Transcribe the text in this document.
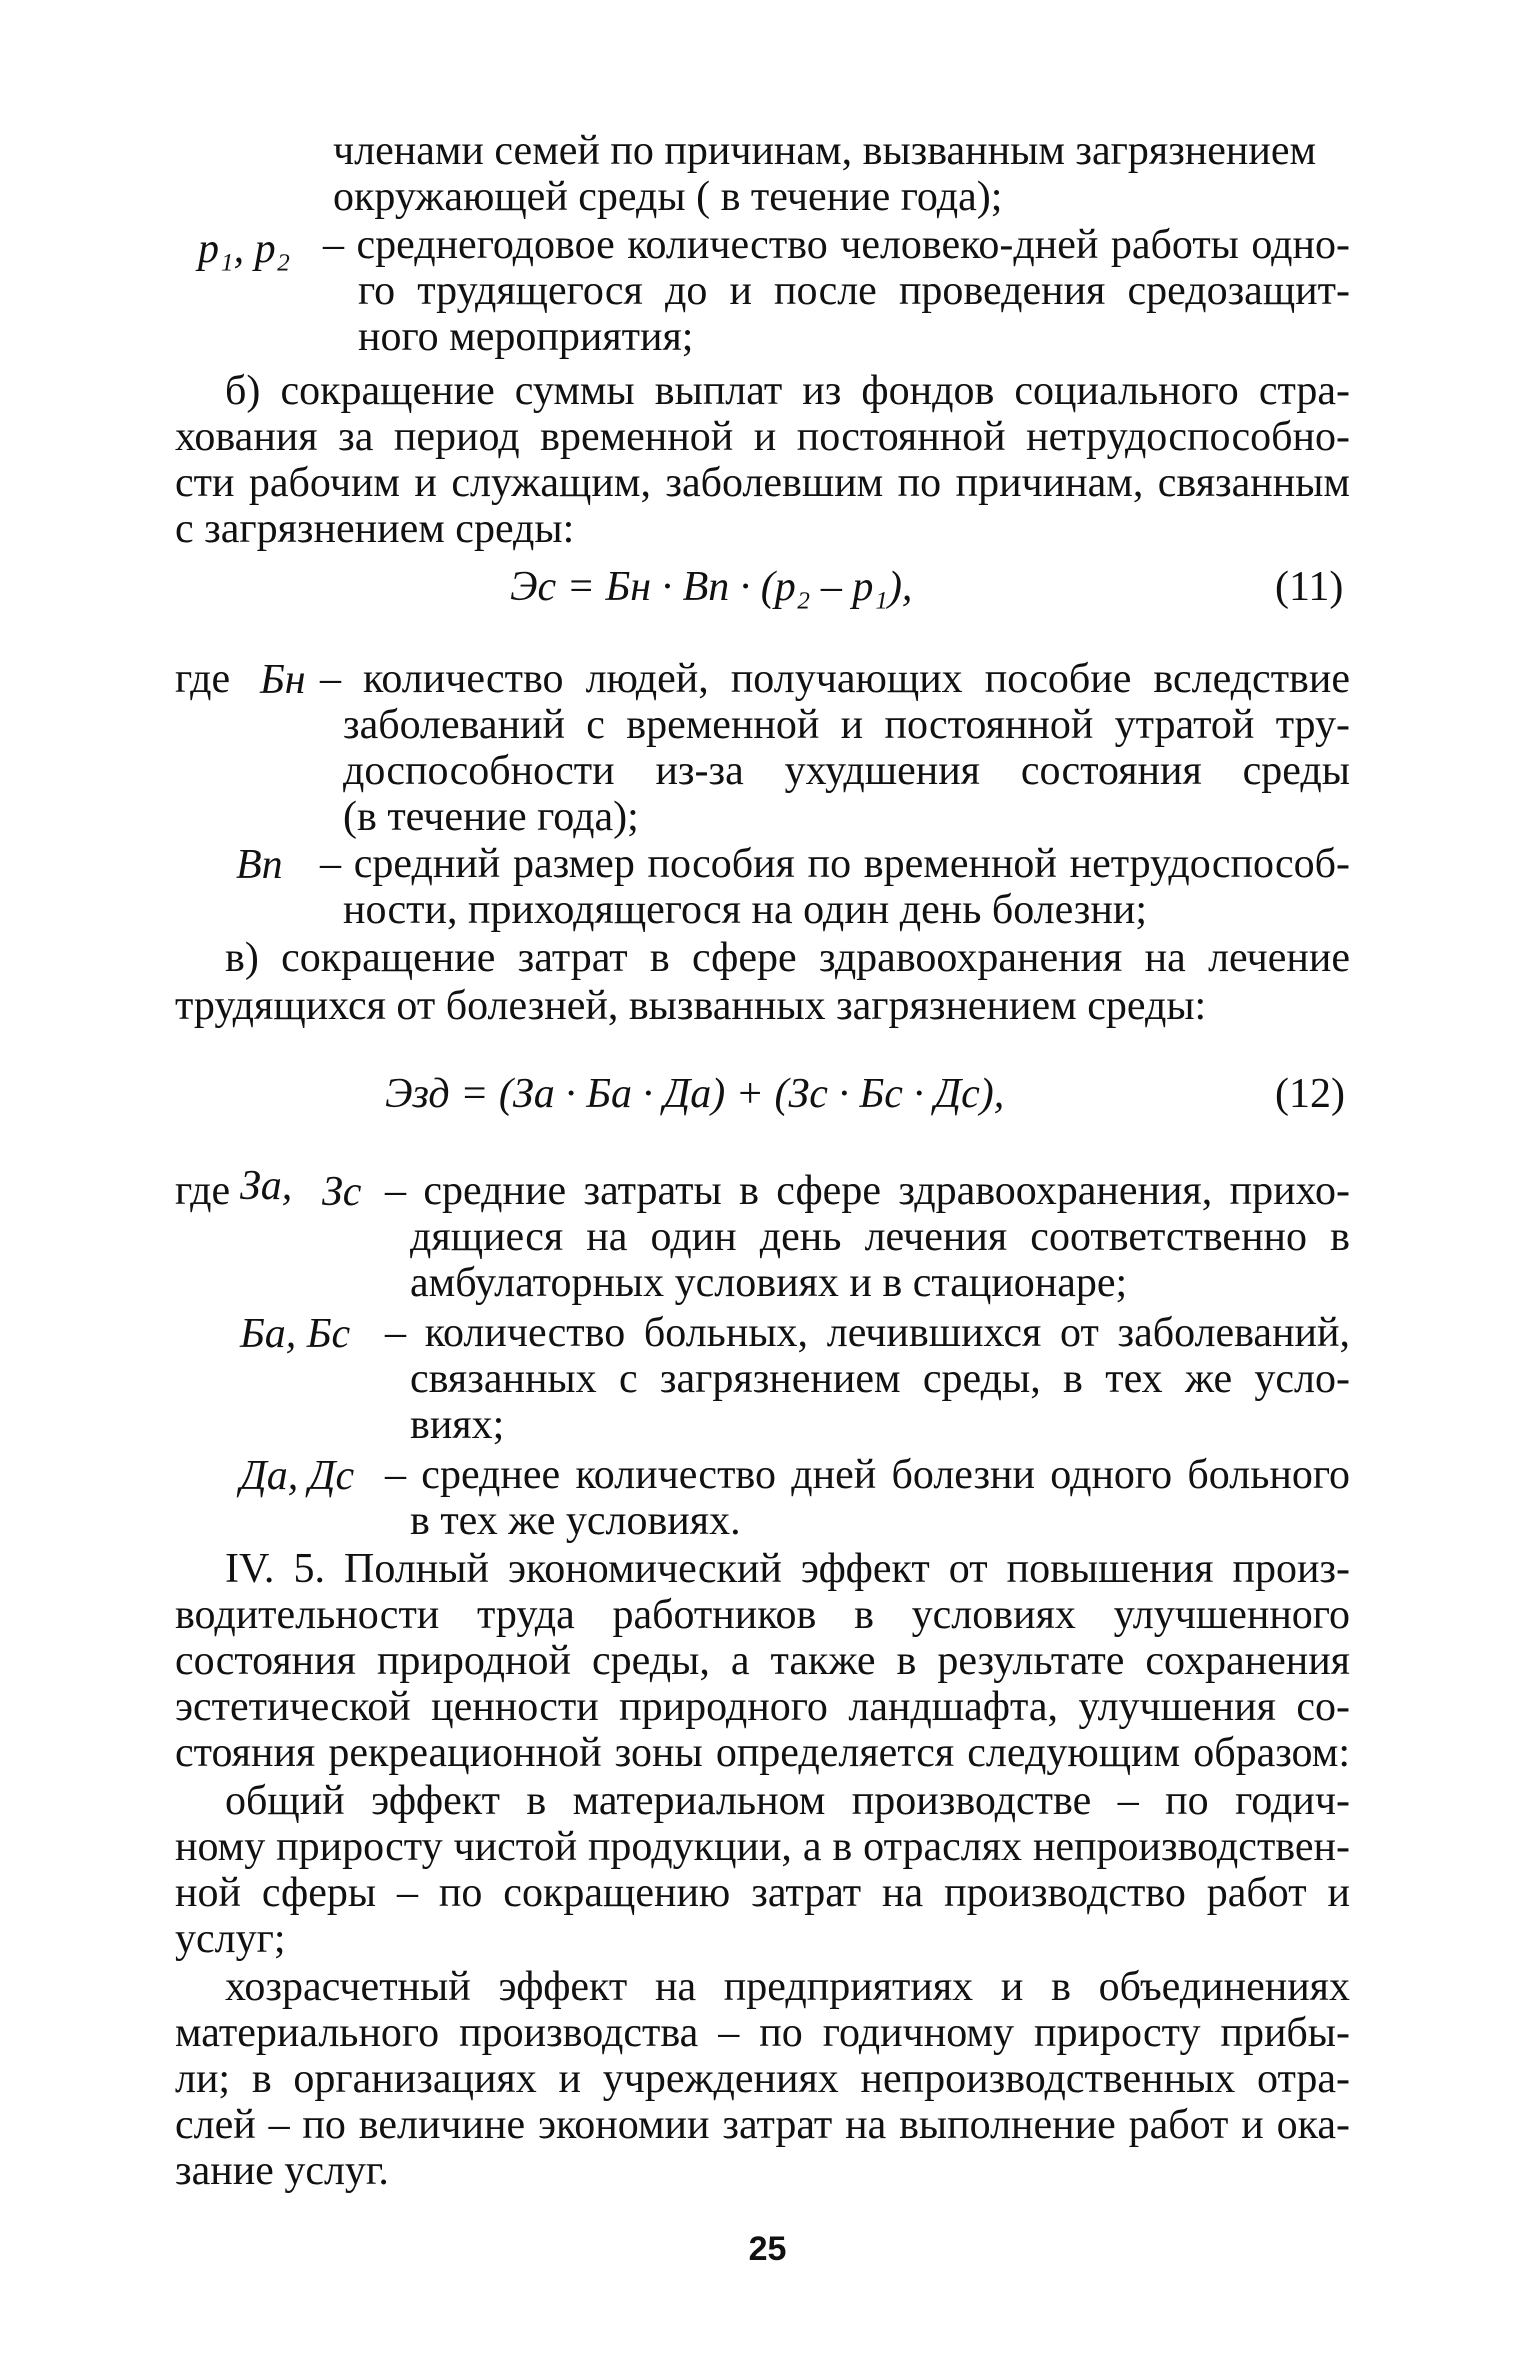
членами семей по причинам, вызванным загрязнением
окружающей среды ( в течение года);
p₁, p₂ – среднегодовое количество человеко-дней работы одно-
го трудящегося до и после проведения средозащит-
ного мероприятия;
б) сокращение суммы выплат из фондов социального стра-
хования за период временной и постоянной нетрудоспособно-
сти рабочим и служащим, заболевшим по причинам, связанным
с загрязнением среды:
Эс = Бн · Вп · (p₂ – p₁),	(11)
где Бн – количество людей, получающих пособие вследствие
заболеваний с временной и постоянной утратой тру-
доспособности из-за ухудшения состояния среды
(в течение года);
Вп – средний размер пособия по временной нетрудоспособ-
ности, приходящегося на один день болезни;
в) сокращение затрат в сфере здравоохранения на лечение
трудящихся от болезней, вызванных загрязнением среды:
Эзд = (За · Ба · Да) + (Зс · Бс · Дс),	(12)
где За, Зс – средние затраты в сфере здравоохранения, прихо-
дящиеся на один день лечения соответственно в
амбулаторных условиях и в стационаре;
Ба, Бс – количество больных, лечившихся от заболеваний,
связанных с загрязнением среды, в тех же усло-
виях;
Да, Дс – среднее количество дней болезни одного больного
в тех же условиях.
IV. 5. Полный экономический эффект от повышения произ-
водительности труда работников в условиях улучшенного
состояния природной среды, а также в результате сохранения
эстетической ценности природного ландшафта, улучшения со-
стояния рекреационной зоны определяется следующим образом:
общий эффект в материальном производстве – по годич-
ному приросту чистой продукции, а в отраслях непроизводствен-
ной сферы – по сокращению затрат на производство работ и
услуг;
хозрасчетный эффект на предприятиях и в объединениях
материального производства – по годичному приросту прибы-
ли; в организациях и учреждениях непроизводственных отра-
слей – по величине экономии затрат на выполнение работ и ока-
зание услуг.
25
